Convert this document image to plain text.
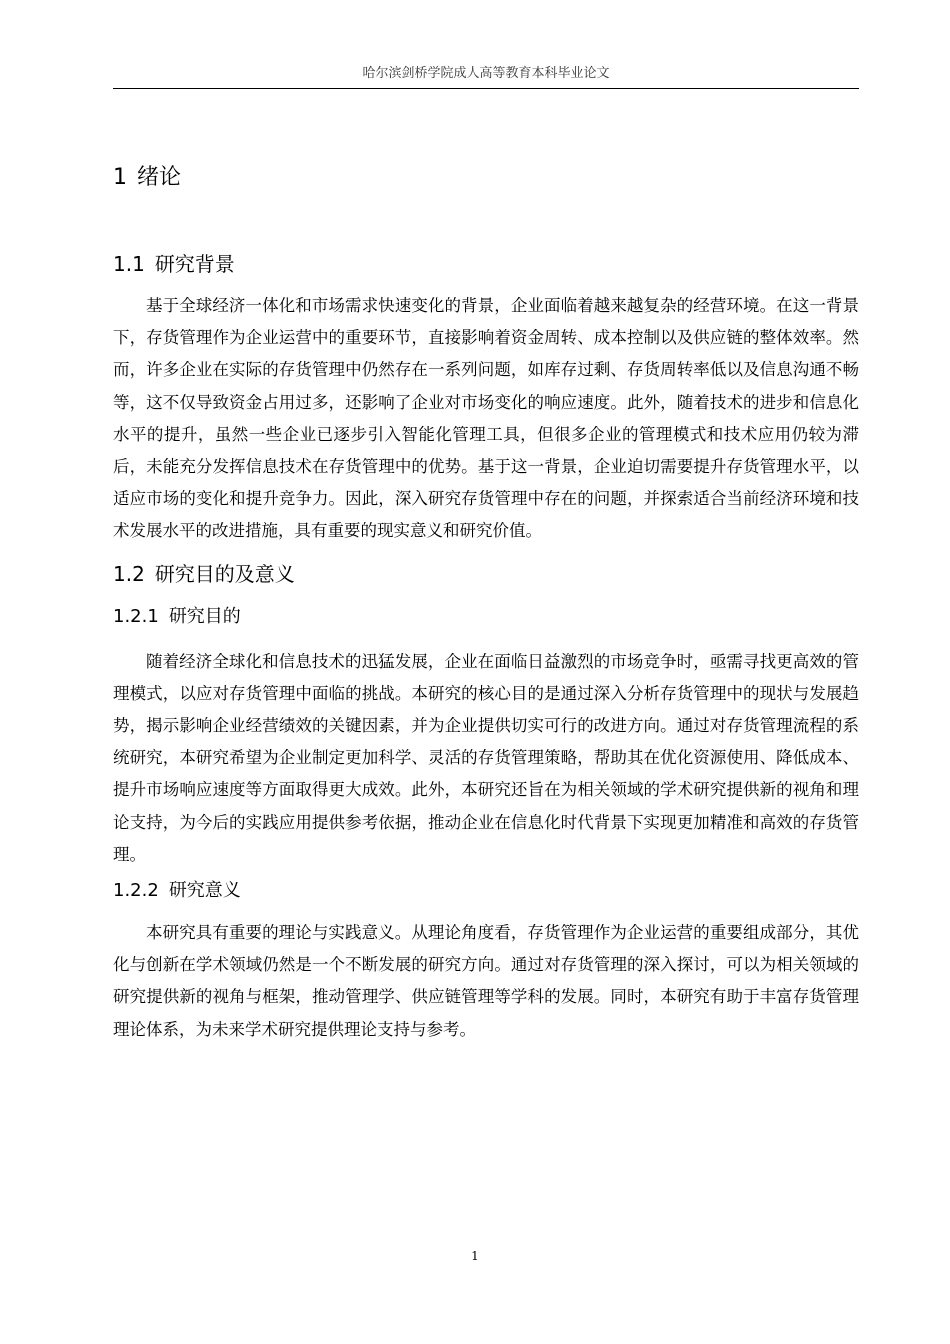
哈尔滨剑桥学院成人高等教育本科毕业论文
1 绪论
1.1 研究背景

基于全球经济一体化和市场需求快速变化的背景，企业面临着越来越复杂的经营环境。在这一背景下，存货管理作为企业运营中的重要环节，直接影响着资金周转、成本控制以及供应链的整体效率。然而，许多企业在实际的存货管理中仍然存在一系列问题，如库存过剩、存货周转率低以及信息沟通不畅等，这不仅导致资金占用过多，还影响了企业对市场变化的响应速度。此外，随着技术的进步和信息化水平的提升，虽然一些企业已逐步引入智能化管理工具，但很多企业的管理模式和技术应用仍较为滞后，未能充分发挥信息技术在存货管理中的优势。基于这一背景，企业迫切需要提升存货管理水平，以适应市场的变化和提升竞争力。因此，深入研究存货管理中存在的问题，并探索适合当前经济环境和技术发展水平的改进措施，具有重要的现实意义和研究价值。

1.2 研究目的及意义
1.2.1 研究目的

随着经济全球化和信息技术的迅猛发展，企业在面临日益激烈的市场竞争时，亟需寻找更高效的管理模式，以应对存货管理中面临的挑战。本研究的核心目的是通过深入分析存货管理中的现状与发展趋势，揭示影响企业经营绩效的关键因素，并为企业提供切实可行的改进方向。通过对存货管理流程的系统研究，本研究希望为企业制定更加科学、灵活的存货管理策略，帮助其在优化资源使用、降低成本、提升市场响应速度等方面取得更大成效。此外，本研究还旨在为相关领域的学术研究提供新的视角和理论支持，为今后的实践应用提供参考依据，推动企业在信息化时代背景下实现更加精准和高效的存货管理。

1.2.2 研究意义

本研究具有重要的理论与实践意义。从理论角度看，存货管理作为企业运营的重要组成部分，其优化与创新在学术领域仍然是一个不断发展的研究方向。通过对存货管理的深入探讨，可以为相关领域的研究提供新的视角与框架，推动管理学、供应链管理等学科的发展。同时，本研究有助于丰富存货管理理论体系，为未来学术研究提供理论支持与参考。

1
